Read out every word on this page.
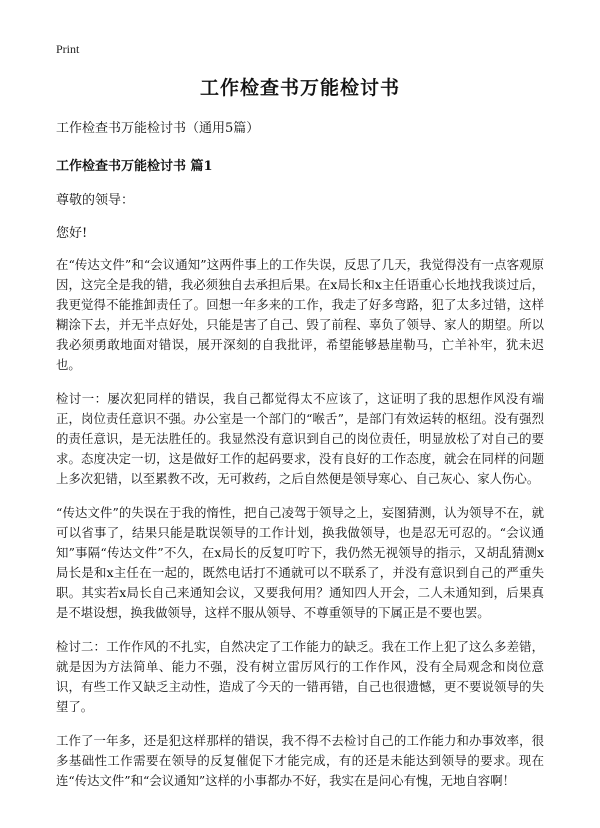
Print
工作检查书万能检讨书
工作检查书万能检讨书（通用5篇）
工作检查书万能检讨书 篇1
尊敬的领导：
您好!

在“传达文件”和“会议通知”这两件事上的工作失误，反思了几天，我觉得没有一点客观原因，这完全是我的错，我必须独自去承担后果。在x局长和x主任语重心长地找我谈过后，我更觉得不能推卸责任了。回想一年多来的工作，我走了好多弯路，犯了太多过错，这样糊涂下去，并无半点好处，只能是害了自己、毁了前程、辜负了领导、家人的期望。所以我必须勇敢地面对错误，展开深刻的自我批评，希望能够悬崖勒马，亡羊补牢，犹未迟也。

检讨一：屡次犯同样的错误，我自己都觉得太不应该了，这证明了我的思想作风没有端正，岗位责任意识不强。办公室是一个部门的“喉舌”，是部门有效运转的枢纽。没有强烈的责任意识，是无法胜任的。我显然没有意识到自己的岗位责任，明显放松了对自己的要求。态度决定一切，这是做好工作的起码要求，没有良好的工作态度，就会在同样的问题上多次犯错，以至累教不改，无可救药，之后自然便是领导寒心、自己灰心、家人伤心。

“传达文件”的失误在于我的惰性，把自己凌驾于领导之上，妄图猜测，认为领导不在，就可以省事了，结果只能是耽误领导的工作计划，换我做领导，也是忍无可忍的。“会议通知”事隔“传达文件”不久，在x局长的反复叮咛下，我仍然无视领导的指示，又胡乱猜测x局长是和x主任在一起的，既然电话打不通就可以不联系了，并没有意识到自己的严重失职。其实若x局长自己来通知会议，又要我何用？通知四人开会，二人未通知到，后果真是不堪设想，换我做领导，这样不服从领导、不尊重领导的下属正是不要也罢。

检讨二：工作作风的不扎实，自然决定了工作能力的缺乏。我在工作上犯了这么多差错，就是因为方法简单、能力不强，没有树立雷厉风行的工作作风，没有全局观念和岗位意识，有些工作又缺乏主动性，造成了今天的一错再错，自己也很遗憾，更不要说领导的失望了。

工作了一年多，还是犯这样那样的错误，我不得不去检讨自己的工作能力和办事效率，很多基础性工作需要在领导的反复催促下才能完成，有的还是未能达到领导的要求。现在连“传达文件”和“会议通知”这样的小事都办不好，我实在是问心有愧，无地自容啊！
